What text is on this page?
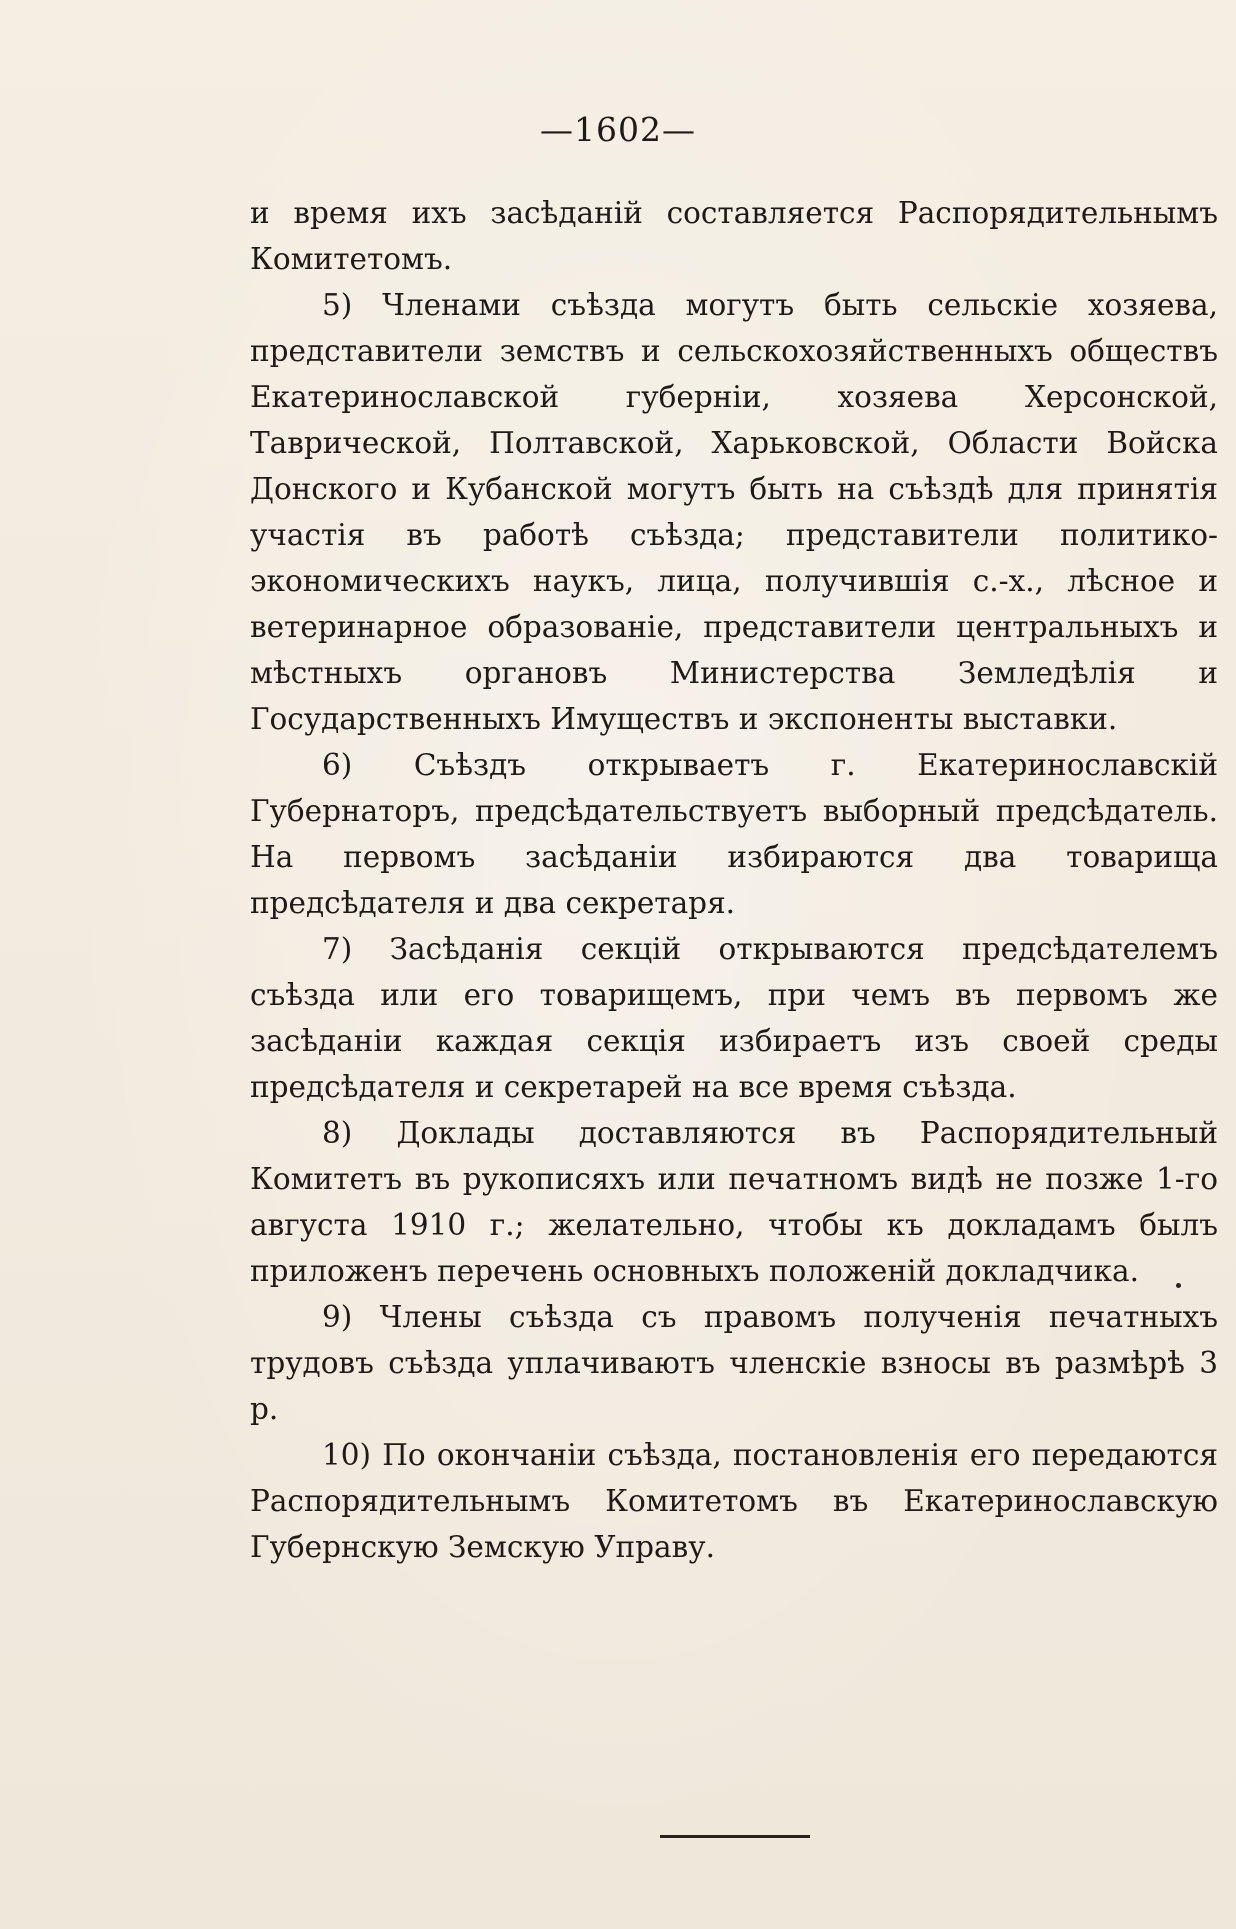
—1602—

и время ихъ засѣданій составляется Распорядительнымъ Комитетомъ.

5) Членами съѣзда могутъ быть сельскіе хозяева, представители земствъ и сельскохозяйственныхъ обществъ Екатеринославской губерніи, хозяева Херсонской, Таврической, Полтавской, Харьковской, Области Войска Донского и Кубанской могутъ быть на съѣздѣ для принятія участія въ работѣ съѣзда; представители политико-экономическихъ наукъ, лица, получившія с.-х., лѣсное и ветеринарное образованіе, представители центральныхъ и мѣстныхъ органовъ Министерства Земледѣлія и Государственныхъ Имуществъ и экспоненты выставки.

6) Съѣздъ открываетъ г. Екатеринославскій Губернаторъ, предсѣдательствуетъ выборный предсѣдатель. На первомъ засѣданіи избираются два товарища предсѣдателя и два секретаря.

7) Засѣданія секцій открываются предсѣдателемъ съѣзда или его товарищемъ, при чемъ въ первомъ же засѣданіи каждая секція избираетъ изъ своей среды предсѣдателя и секретарей на все время съѣзда.

8) Доклады доставляются въ Распорядительный Комитетъ въ рукописяхъ или печатномъ видѣ не позже 1-го августа 1910 г.; желательно, чтобы къ докладамъ былъ приложенъ перечень основныхъ положеній докладчика.

9) Члены съѣзда съ правомъ полученія печатныхъ трудовъ съѣзда уплачиваютъ членскіе взносы въ размѣрѣ 3 р.

10) По окончаніи съѣзда, постановленія его передаются Распорядительнымъ Комитетомъ въ Екатеринославскую Губернскую Земскую Управу.
